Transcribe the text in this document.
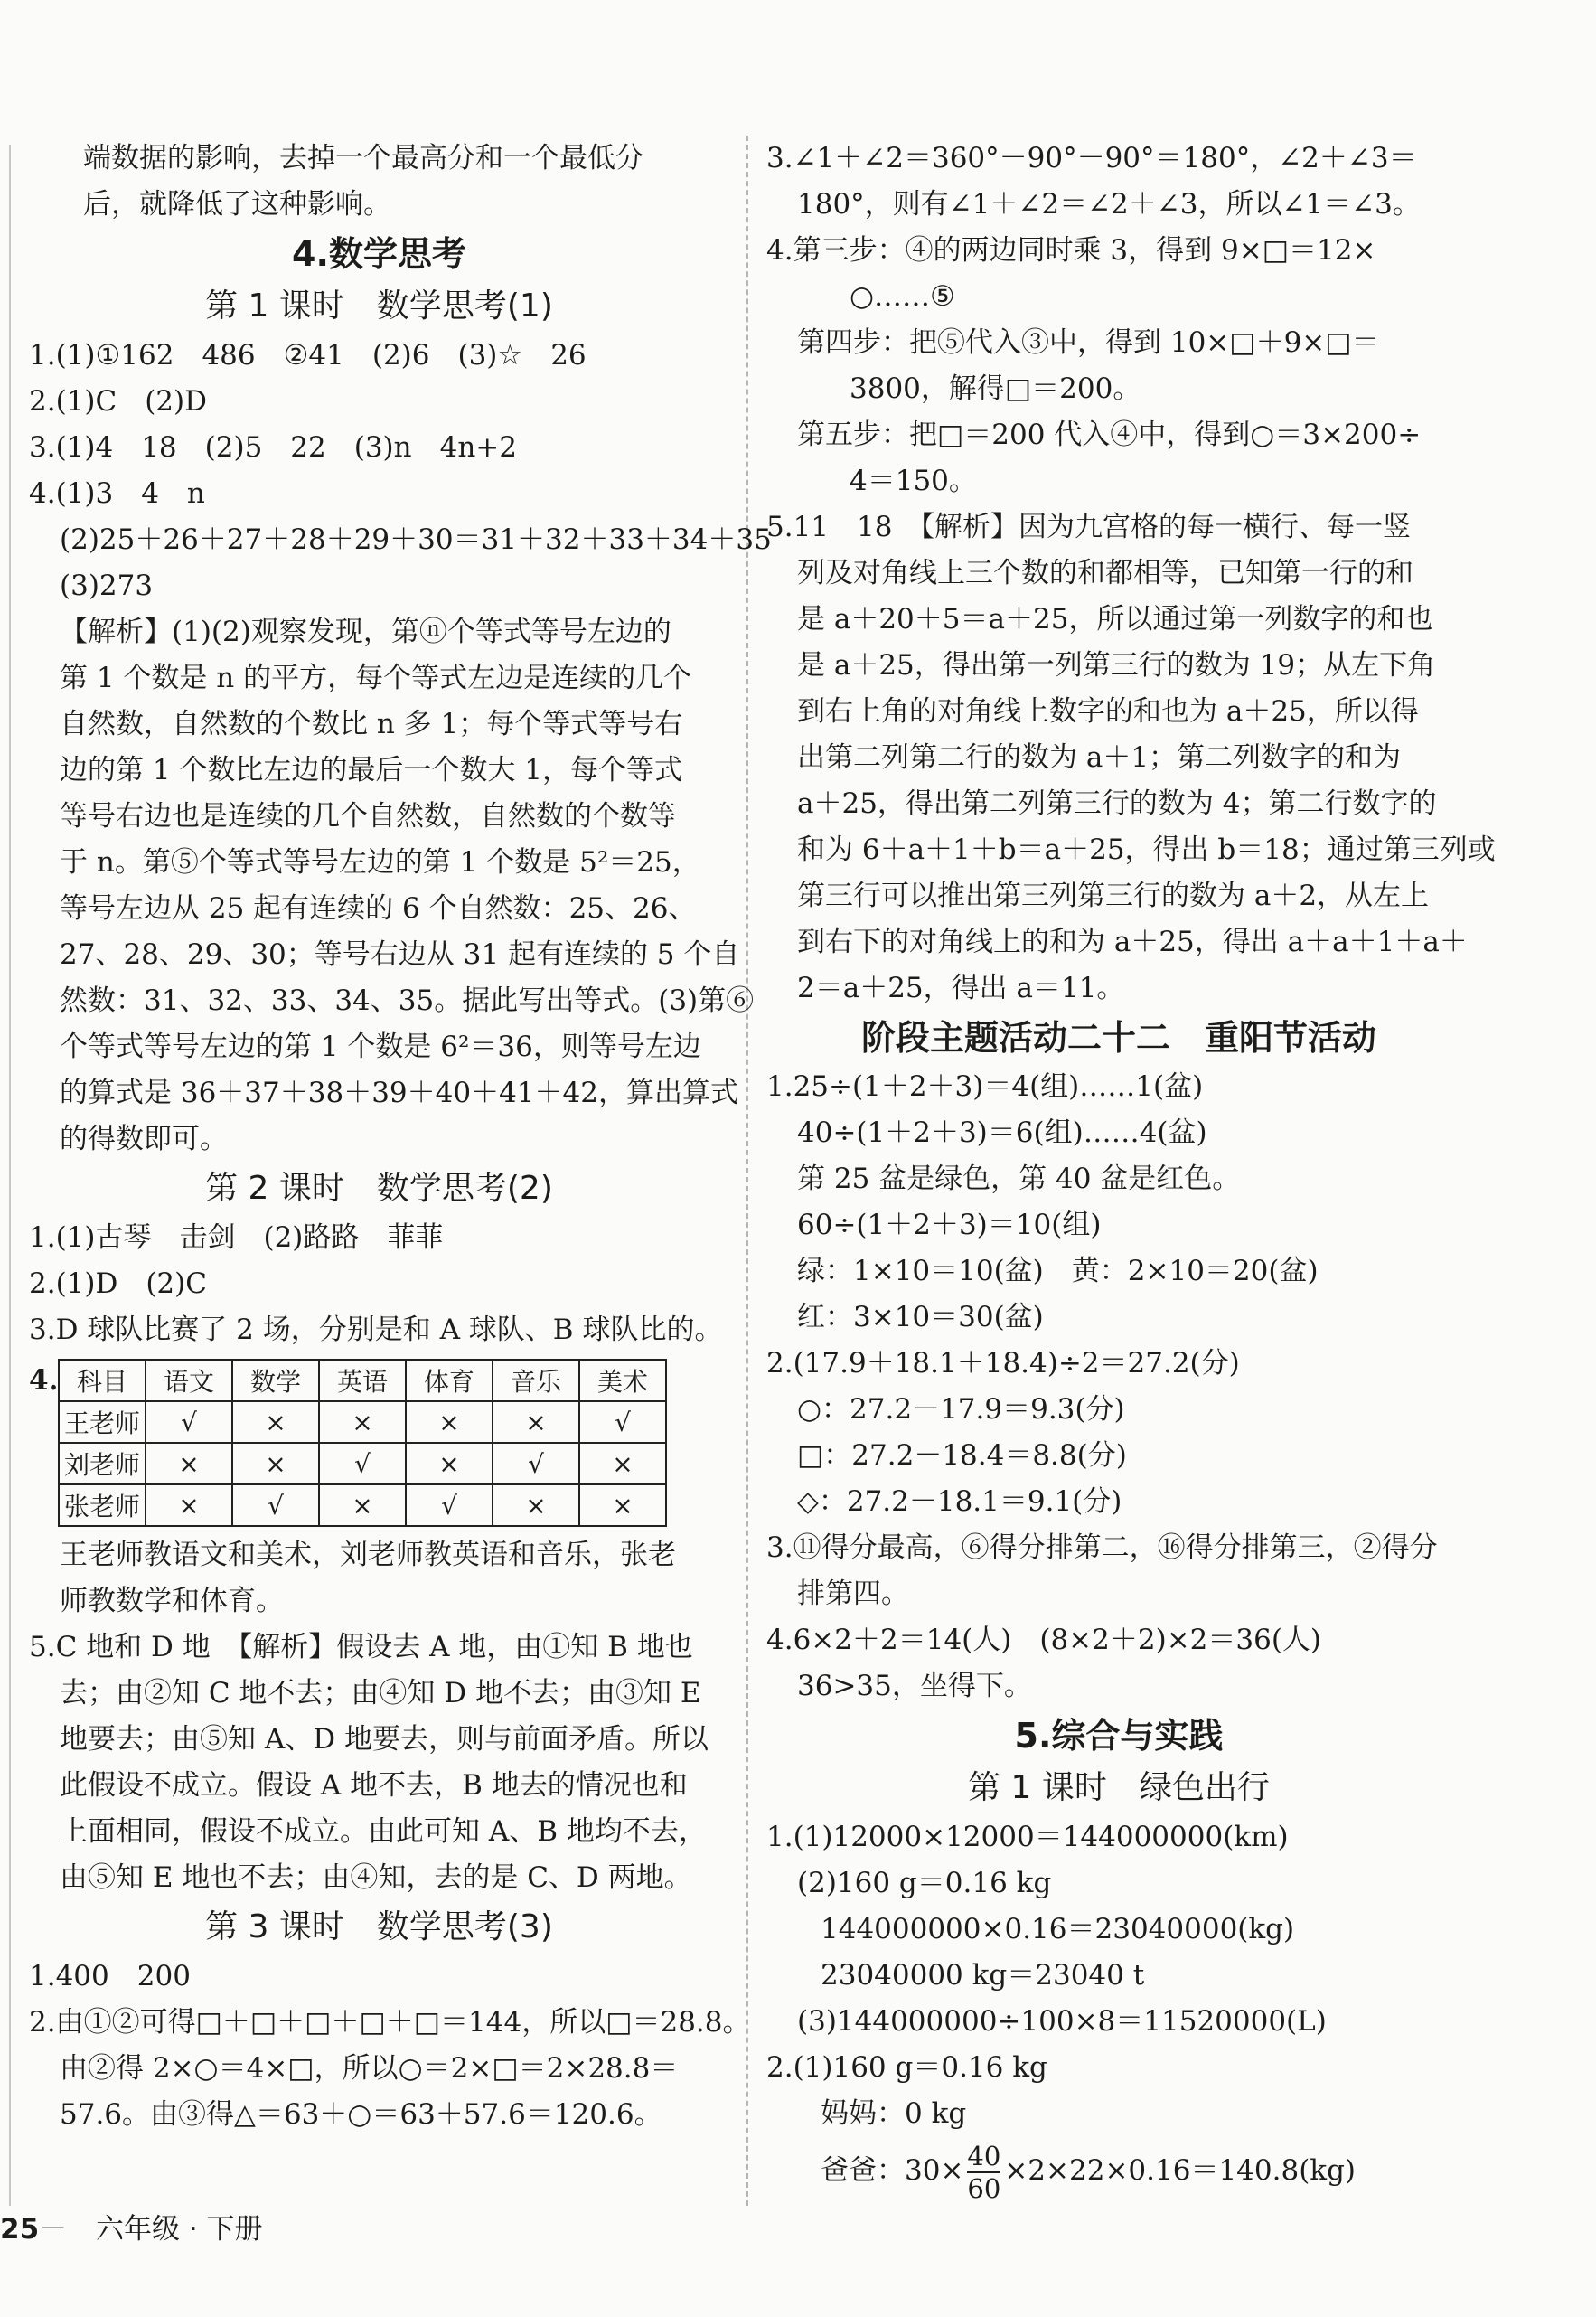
端数据的影响，去掉一个最高分和一个最低分
后，就降低了这种影响。
4.数学思考
第 1 课时　数学思考(1)
1.(1)①162　486　②41　(2)6　(3)☆　26
2.(1)C　(2)D
3.(1)4　18　(2)5　22　(3)n　4n+2
4.(1)3　4　n
(2)25＋26＋27＋28＋29＋30＝31＋32＋33＋34＋35
(3)273
【解析】(1)(2)观察发现，第ⓝ个等式等号左边的
第 1 个数是 n 的平方，每个等式左边是连续的几个
自然数，自然数的个数比 n 多 1；每个等式等号右
边的第 1 个数比左边的最后一个数大 1，每个等式
等号右边也是连续的几个自然数，自然数的个数等
于 n。第⑤个等式等号左边的第 1 个数是 5²＝25，
等号左边从 25 起有连续的 6 个自然数：25、26、
27、28、29、30；等号右边从 31 起有连续的 5 个自
然数：31、32、33、34、35。据此写出等式。(3)第⑥
个等式等号左边的第 1 个数是 6²＝36，则等号左边
的算式是 36＋37＋38＋39＋40＋41＋42，算出算式
的得数即可。
第 2 课时　数学思考(2)
1.(1)古琴　击剑　(2)路路　菲菲
2.(1)D　(2)C
3.D 球队比赛了 2 场，分别是和 A 球队、B 球队比的。
4. 科目	语文	数学	英语	体育	音乐	美术
王老师	√	×	×	×	×	√
刘老师	×	×	√	×	√	×
张老师	×	√	×	√	×	×
王老师教语文和美术，刘老师教英语和音乐，张老
师教数学和体育。
5.C 地和 D 地　【解析】假设去 A 地，由①知 B 地也
去；由②知 C 地不去；由④知 D 地不去；由③知 E
地要去；由⑤知 A、D 地要去，则与前面矛盾。所以
此假设不成立。假设 A 地不去，B 地去的情况也和
上面相同，假设不成立。由此可知 A、B 地均不去，
由⑤知 E 地也不去；由④知，去的是 C、D 两地。
第 3 课时　数学思考(3)
1.400　200
2.由①②可得□＋□＋□＋□＋□＝144，所以□＝28.8。
由②得 2×○＝4×□，所以○＝2×□＝2×28.8＝
57.6。由③得△＝63＋○＝63＋57.6＝120.6。
3.∠1＋∠2＝360°－90°－90°＝180°，∠2＋∠3＝
180°，则有∠1＋∠2＝∠2＋∠3，所以∠1＝∠3。
4.第三步：④的两边同时乘 3，得到 9×□＝12×
○……⑤
第四步：把⑤代入③中，得到 10×□＋9×□＝
3800，解得□＝200。
第五步：把□＝200 代入④中，得到○＝3×200÷
4＝150。
5.11　18　【解析】因为九宫格的每一横行、每一竖
列及对角线上三个数的和都相等，已知第一行的和
是 a＋20＋5＝a＋25，所以通过第一列数字的和也
是 a＋25，得出第一列第三行的数为 19；从左下角
到右上角的对角线上数字的和也为 a＋25，所以得
出第二列第二行的数为 a＋1；第二列数字的和为
a＋25，得出第二列第三行的数为 4；第二行数字的
和为 6＋a＋1＋b＝a＋25，得出 b＝18；通过第三列或
第三行可以推出第三列第三行的数为 a＋2，从左上
到右下的对角线上的和为 a＋25，得出 a＋a＋1＋a＋
2＝a＋25，得出 a＝11。
阶段主题活动二十二　重阳节活动
1.25÷(1＋2＋3)＝4(组)……1(盆)
40÷(1＋2＋3)＝6(组)……4(盆)
第 25 盆是绿色，第 40 盆是红色。
60÷(1＋2＋3)＝10(组)
绿：1×10＝10(盆)　黄：2×10＝20(盆)
红：3×10＝30(盆)
2.(17.9＋18.1＋18.4)÷2＝27.2(分)
○：27.2－17.9＝9.3(分)
□：27.2－18.4＝8.8(分)
◇：27.2－18.1＝9.1(分)
3.⑪得分最高，⑥得分排第二，⑯得分排第三，②得分
排第四。
4.6×2＋2＝14(人)　(8×2＋2)×2＝36(人)
36>35，坐得下。
5.综合与实践
第 1 课时　绿色出行
1.(1)12000×12000＝144000000(km)
(2)160 g＝0.16 kg
144000000×0.16＝23040000(kg)
23040000 kg＝23040 t
(3)144000000÷100×8＝11520000(L)
2.(1)160 g＝0.16 kg
妈妈：0 kg
爸爸：$30\times \frac{40}{60} \times 2\times 22\times 0.16=140.8(kg)$
25－ 六年级 · 下册
